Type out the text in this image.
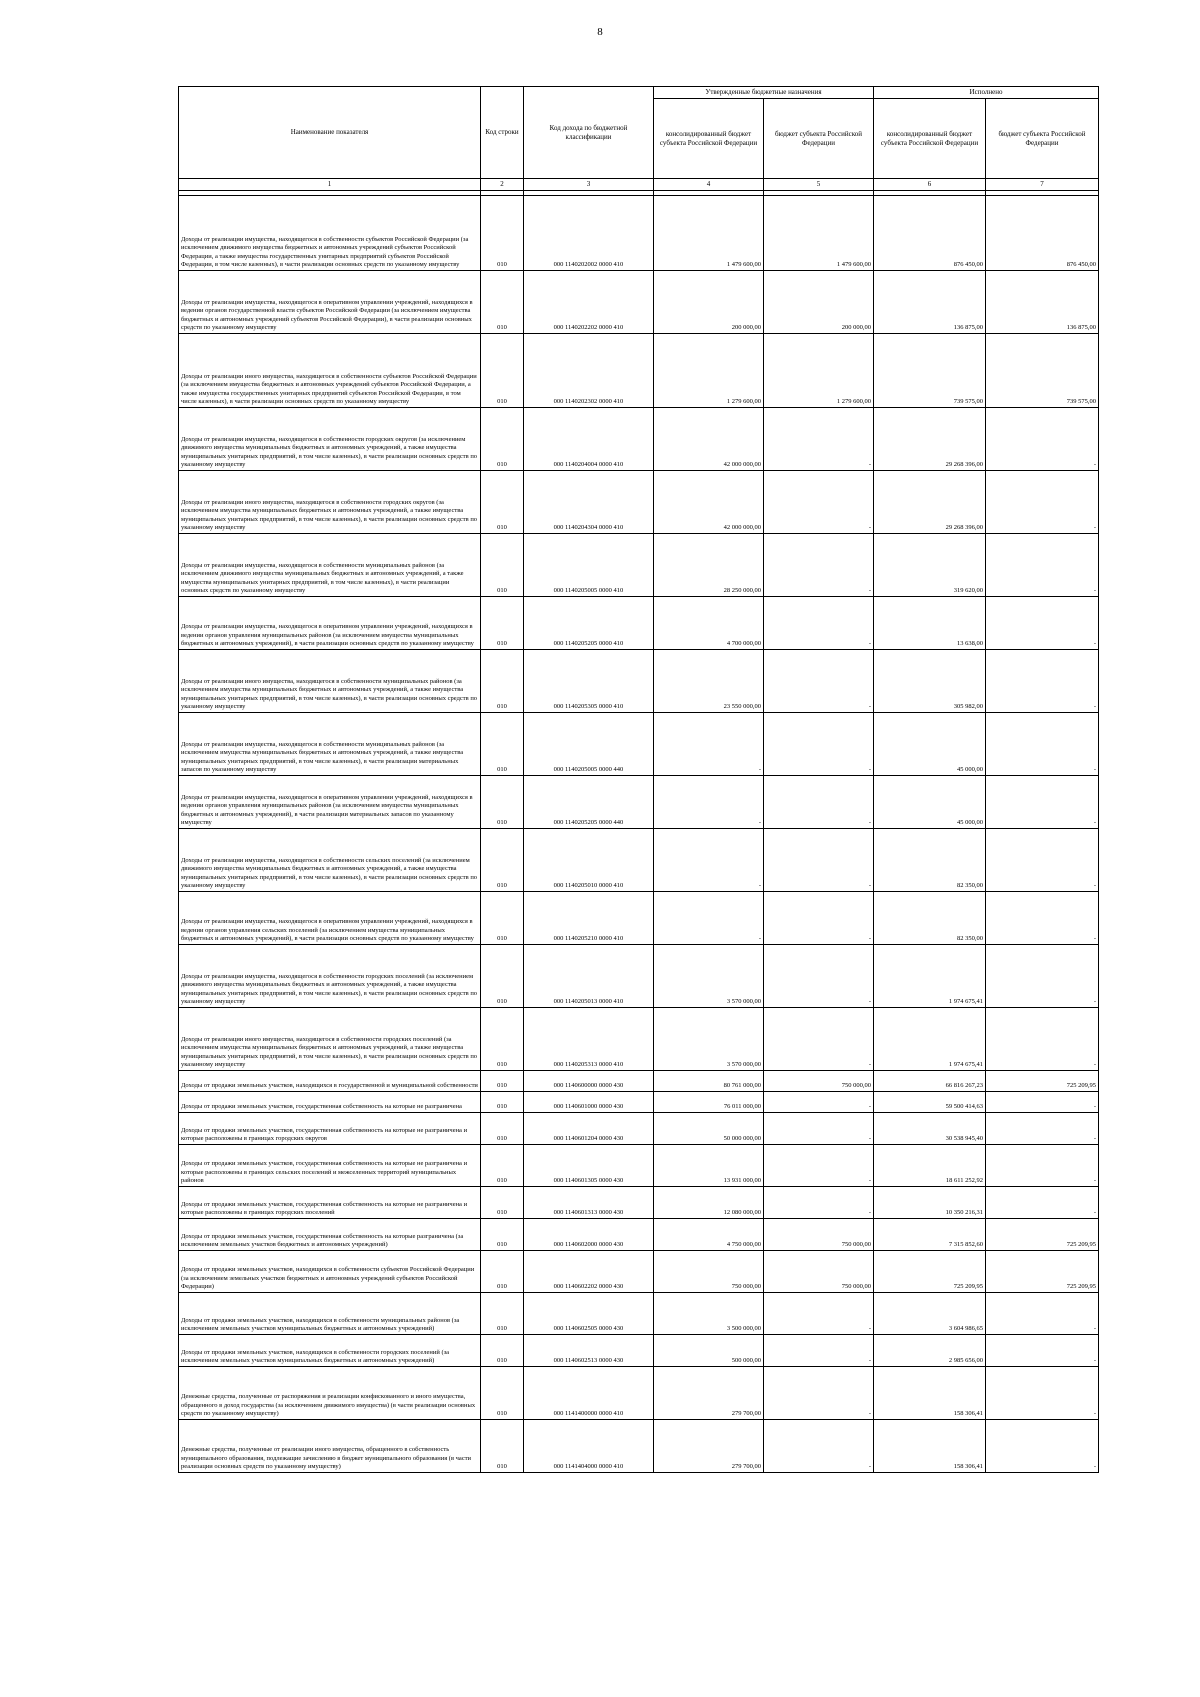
8
Наименование показателя	Код строки	Код дохода по бюджетной классификации	Утвержденные бюджетные назначения		Исполнено	
			консолидированный бюджет субъекта Российской Федерации	бюджет субъекта Российской Федерации	консолидированный бюджет субъекта Российской Федерации	бюджет субъекта Российской Федерации
1	2	3	4	5	6	7

Доходы от реализации имущества, находящегося в собственности субъектов Российской Федерации (за исключением движимого имущества бюджетных и автономных учреждений субъектов Российской Федерации, а также имущества государственных унитарных предприятий субъектов Российской Федерации, в том числе казенных), в части реализации основных средств по указанному имуществу	010	000 1140202002 0000 410	1 479 600,00	1 479 600,00	876 450,00	876 450,00
Доходы от реализации имущества, находящегося в оперативном управлении учреждений, находящихся в ведении органов государственной власти субъектов Российской Федерации (за исключением имущества бюджетных и автономных учреждений субъектов Российской Федерации), в части реализации основных средств по указанному имуществу	010	000 1140202202 0000 410	200 000,00	200 000,00	136 875,00	136 875,00
Доходы от реализации иного имущества, находящегося в собственности субъектов Российской Федерации (за исключением имущества бюджетных и автономных учреждений субъектов Российской Федерации, а также имущества государственных унитарных предприятий субъектов Российской Федерации, в том числе казенных), в части реализации основных средств по указанному имуществу	010	000 1140202302 0000 410	1 279 600,00	1 279 600,00	739 575,00	739 575,00
Доходы от реализации имущества, находящегося в собственности городских округов (за исключением движимого имущества муниципальных бюджетных и автономных учреждений, а также имущества муниципальных унитарных предприятий, в том числе казенных), в части реализации основных средств по указанному имуществу	010	000 1140204004 0000 410	42 000 000,00	-	29 268 396,00	-
Доходы от реализации иного имущества, находящегося в собственности городских округов (за исключением имущества муниципальных бюджетных и автономных учреждений, а также имущества муниципальных унитарных предприятий, в том числе казенных), в части реализации основных средств по указанному имуществу	010	000 1140204304 0000 410	42 000 000,00	-	29 268 396,00	-
Доходы от реализации имущества, находящегося в собственности муниципальных районов (за исключением движимого имущества муниципальных бюджетных и автономных учреждений, а также имущества муниципальных унитарных предприятий, в том числе казенных), в части реализации основных средств по указанному имуществу	010	000 1140205005 0000 410	28 250 000,00	-	319 620,00	-
Доходы от реализации имущества, находящегося в оперативном управлении учреждений, находящихся в ведении органов управления муниципальных районов (за исключением имущества муниципальных бюджетных и автономных учреждений), в части реализации основных средств по указанному имуществу	010	000 1140205205 0000 410	4 700 000,00	-	13 638,00	-
Доходы от реализации иного имущества, находящегося в собственности муниципальных районов (за исключением имущества муниципальных бюджетных и автономных учреждений, а также имущества муниципальных унитарных предприятий, в том числе казенных), в части реализации основных средств по указанному имуществу	010	000 1140205305 0000 410	23 550 000,00	-	305 982,00	-
Доходы от реализации имущества, находящегося в собственности муниципальных районов (за исключением имущества муниципальных бюджетных и автономных учреждений, а также имущества муниципальных унитарных предприятий, в том числе казенных), в части реализации материальных запасов по указанному имуществу	010	000 1140205005 0000 440	-	-	45 000,00	-
Доходы от реализации имущества, находящегося в оперативном управлении учреждений, находящихся в ведении органов управления муниципальных районов (за исключением имущества муниципальных бюджетных и автономных учреждений), в части реализации материальных запасов по указанному имуществу	010	000 1140205205 0000 440	-	-	45 000,00	-
Доходы от реализации имущества, находящегося в собственности сельских поселений (за исключением движимого имущества муниципальных бюджетных и автономных учреждений, а также имущества муниципальных унитарных предприятий, в том числе казенных), в части реализации основных средств по указанному имуществу	010	000 1140205010 0000 410	-	-	82 350,00	-
Доходы от реализации имущества, находящегося в оперативном управлении учреждений, находящихся в ведении органов управления сельских поселений (за исключением имущества муниципальных бюджетных и автономных учреждений), в части реализации основных средств по указанному имуществу	010	000 1140205210 0000 410	-	-	82 350,00	-
Доходы от реализации имущества, находящегося в собственности городских поселений (за исключением движимого имущества муниципальных бюджетных и автономных учреждений, а также имущества муниципальных унитарных предприятий, в том числе казенных), в части реализации основных средств по указанному имуществу	010	000 1140205013 0000 410	3 570 000,00	-	1 974 675,41	-
Доходы от реализации иного имущества, находящегося в собственности городских поселений (за исключением имущества муниципальных бюджетных и автономных учреждений, а также имущества муниципальных унитарных предприятий, в том числе казенных), в части реализации основных средств по указанному имуществу	010	000 1140205313 0000 410	3 570 000,00	-	1 974 675,41	-
Доходы от продажи земельных участков, находящихся в государственной и муниципальной собственности	010	000 1140600000 0000 430	80 761 000,00	750 000,00	66 816 267,23	725 209,95
Доходы от продажи земельных участков, государственная собственность на которые не разграничена	010	000 1140601000 0000 430	76 011 000,00	-	59 500 414,63	-
Доходы от продажи земельных участков, государственная собственность на которые не разграничена и которые расположены в границах городских округов	010	000 1140601204 0000 430	50 000 000,00	-	30 538 945,40	-
Доходы от продажи земельных участков, государственная собственность на которые не разграничена и которые расположены в границах сельских поселений и межселенных территорий муниципальных районов	010	000 1140601305 0000 430	13 931 000,00	-	18 611 252,92	-
Доходы от продажи земельных участков, государственная собственность на которые не разграничена и которые расположены в границах городских поселений	010	000 1140601313 0000 430	12 080 000,00	-	10 350 216,31	-
Доходы от продажи земельных участков, государственная собственность на которые разграничена (за исключением земельных участков бюджетных и автономных учреждений)	010	000 1140602000 0000 430	4 750 000,00	750 000,00	7 315 852,60	725 209,95
Доходы от продажи земельных участков, находящихся в собственности субъектов Российской Федерации (за исключением земельных участков бюджетных и автономных учреждений субъектов Российской Федерации)	010	000 1140602202 0000 430	750 000,00	750 000,00	725 209,95	725 209,95
Доходы от продажи земельных участков, находящихся в собственности муниципальных районов (за исключением земельных участков муниципальных бюджетных и автономных учреждений)	010	000 1140602505 0000 430	3 500 000,00	-	3 604 986,65	-
Доходы от продажи земельных участков, находящихся в собственности городских поселений (за исключением земельных участков муниципальных бюджетных и автономных учреждений)	010	000 1140602513 0000 430	500 000,00	-	2 985 656,00	-
Денежные средства, полученные от распоряжения и реализации конфискованного и иного имущества, обращенного в доход государства (за исключением движимого имущества) (в части реализации основных средств по указанному имуществу)	010	000 1141400000 0000 410	279 700,00	-	158 306,41	-
Денежные средства, полученные от реализации иного имущества, обращенного в собственность муниципального образования, подлежащие зачислению в бюджет муниципального образования (в части реализации основных средств по указанному имуществу)	010	000 1141404000 0000 410	279 700,00	-	158 306,41	-
